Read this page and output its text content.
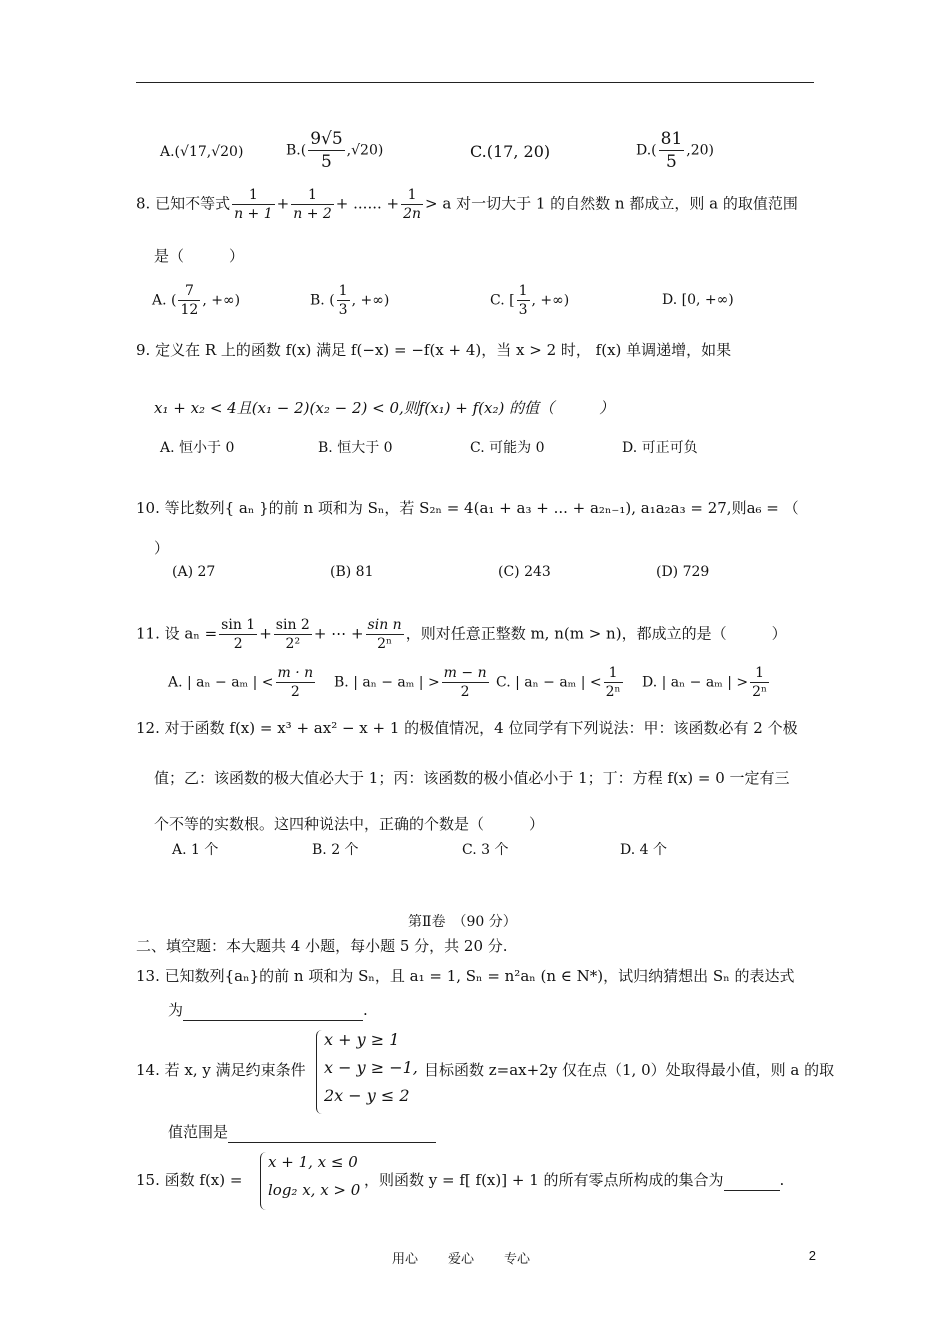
A.(√17,√20)	$B.( \frac{9√5}{5} ,√20)$	C.(17, 20)	$D.( \frac{81}{5} ,20)$
8. 已知不等式 $\frac{1}{n + 1} + \frac{1}{n + 2}$ + ...... + $\frac{1}{2n} > a$ 对一切大于 1 的自然数 n 都成立，则 a 的取值范围
是（　　　）
A. ( $\frac{7}{12}$ , +∞)	B. ( $\frac{1}{3}$ , +∞)	C. [ $\frac{1}{3}$ , +∞)	D. [0, +∞)
9. 定义在 R 上的函数 f(x) 满足 f(−x) = −f(x + 4)，当 x > 2 时， f(x) 单调递增，如果
x₁ + x₂ < 4且(x₁ − 2)(x₂ − 2) < 0,则f(x₁) + f(x₂) 的值（　　　）
A. 恒小于 0	B. 恒大于 0	C. 可能为 0	D. 可正可负
10. 等比数列{ aₙ }的前 n 项和为 Sₙ，若 S₂ₙ = 4(a₁ + a₃ + ... + a₂ₙ₋₁), a₁a₂a₃ = 27,则a₆ = （
）
(A) 27	(B) 81	(C) 243	(D) 729
11. 设 $a_n = \frac{\sin 1}{2} + \frac{\sin 2}{\text{2²}}$ + ⋯ + $\frac{\text{sin n}}{\text{2ⁿ}}$ ，则对任意正整数 m, n(m > n)，都成立的是（　　　）
A. | aₙ − aₘ | < $\frac{m \cdot n}{2} B$. | aₙ − aₘ | > $\frac{m - n}{2} C$. | aₙ − aₘ | < $\frac{1}{\text{2ⁿ}} D$. | aₙ − aₘ | > $\frac{1}{\text{2ⁿ}}$
12. 对于函数 f(x) = x³ + ax² − x + 1 的极值情况，4 位同学有下列说法：甲：该函数必有 2 个极
值；乙：该函数的极大值必大于 1；丙：该函数的极小值必小于 1；丁：方程 f(x) = 0 一定有三
个不等的实数根。这四种说法中，正确的个数是（　　　）
A. 1 个	B. 2 个	C. 3 个	D. 4 个
第Ⅱ卷　（90 分）
二、填空题：本大题共 4 小题，每小题 5 分，共 20 分.
13. 已知数列{aₙ}的前 n 项和为 Sₙ，且 a₁ = 1, Sₙ = n²aₙ (n ∈ N*)，试归纳猜想出 Sₙ 的表达式
为	.
14. 若 x, y 满足约束条件
x + y ≥ 1
x − y ≥ −1,
2x − y ≤ 2
目标函数 z=ax+2y 仅在点（1, 0）处取得最小值，则 a 的取
值范围是
15. 函数 f(x) =
x + 1, x ≤ 0
log₂ x, x > 0
，则函数 y = f[ f(x)] + 1 的所有零点所构成的集合为	.
用心 爱心 专心	2
